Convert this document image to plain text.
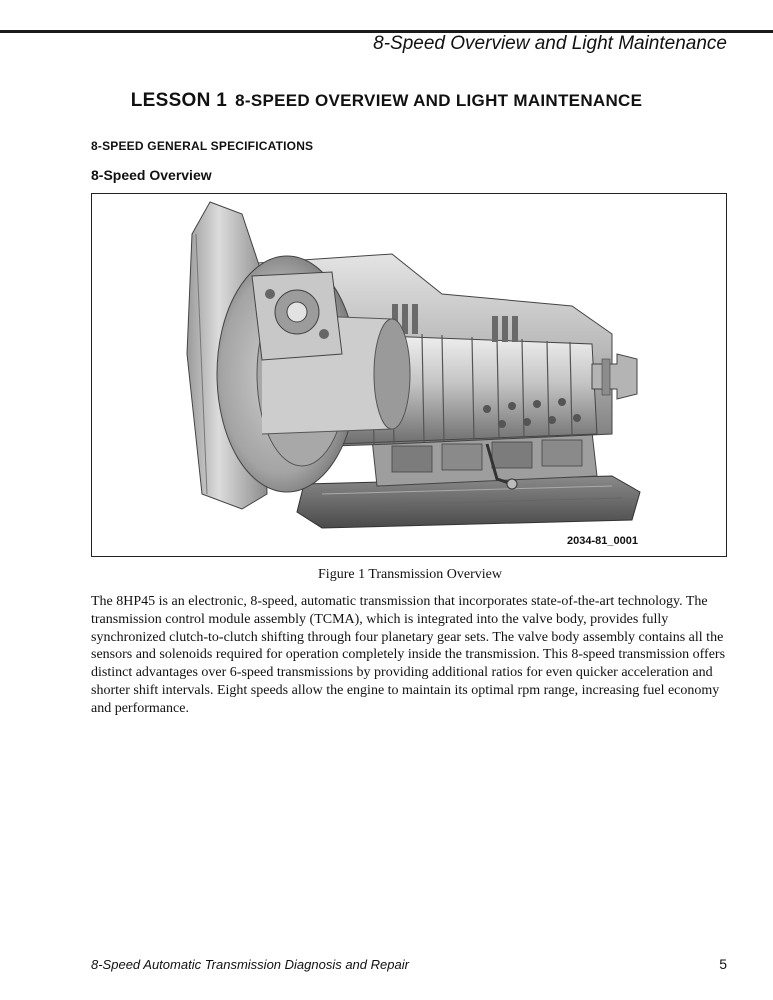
8-Speed Overview and Light Maintenance
LESSON 1 8-SPEED OVERVIEW AND LIGHT MAINTENANCE
8-SPEED GENERAL SPECIFICATIONS
8-Speed Overview
2034-81_0001
Figure 1 Transmission Overview

The 8HP45 is an electronic, 8-speed, automatic transmission that incorporates state-of-the-art technology. The transmission control module assembly (TCMA), which is integrated into the valve body, provides fully synchronized clutch-to-clutch shifting through four planetary gear sets. The valve body assembly contains all the sensors and solenoids required for operation completely inside the transmission. This 8-speed transmission offers distinct advantages over 6-speed transmissions by providing additional ratios for even quicker acceleration and shorter shift intervals. Eight speeds allow the engine to maintain its optimal rpm range, increasing fuel economy and performance.

8-Speed Automatic Transmission Diagnosis and Repair	5
